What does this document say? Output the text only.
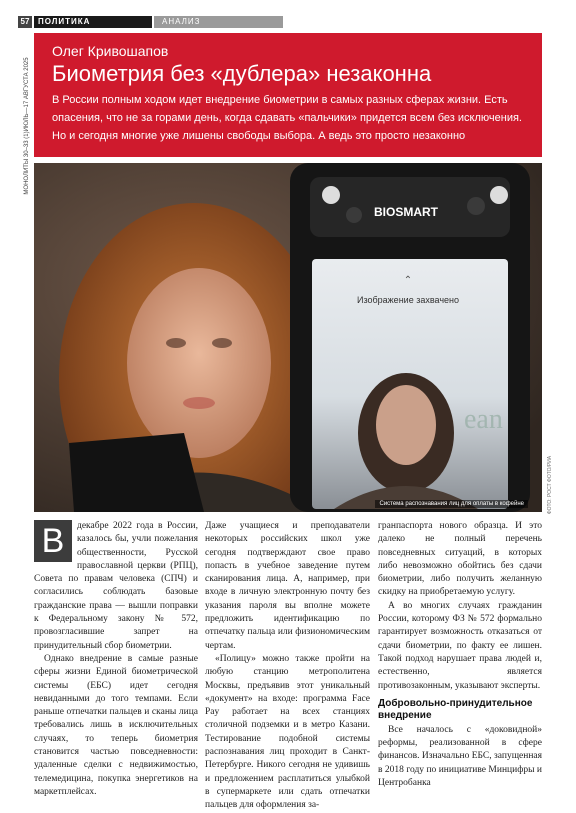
57	ПОЛИТИКА	АНАЛИЗ
МОНОЛИТЫ 30–33 (1)ИЮЛЬ—17 АВГУСТА 2025

Олег Кривошапов

Биометрия без «дублера» незаконна

В России полным ходом идет внедрение биометрии в самых разных сферах жизни. Есть опасения, что не за горами день, когда сдавать «пальчики» придется всем без исключения. Но и сегодня многие уже лишены свободы выбора. А ведь это просто незаконно

BIOSMART
⌃
Изображение захвачено
ean
Система распознавания лиц для оплаты в кофейне	ФОТО: РОСТ ФОТО/РИА
В	декабре 2022 года в России, казалось бы, учли пожелания общественности, Русской православной церкви (РПЦ), Совета по правам человека (СПЧ) и согласились соблюдать базовые гражданские права — вышли поправки к Федеральному закону № 572, провозгласившие запрет на принудительный сбор биометрии.

Однако внедрение в самые разные сферы жизни Единой биометрической системы (ЕБС) идет сегодня невиданными до того темпами. Если раньше отпечатки пальцев и сканы лица требовались лишь в исключительных случаях, то теперь биометрия становится частью повседневности: удаленные сделки с недвижимостью, телемедицина, покупка энергетиков на маркетплейсах.

Даже учащиеся и преподаватели некоторых российских школ уже сегодня подтверждают свое право попасть в учебное заведение путем сканирования лица. А, например, при входе в личную электронную почту без указания пароля вы вполне можете предложить идентификацию по отпечатку пальца или физиономическим чертам.

«Полицу» можно также пройти на любую станцию метрополитена Москвы, предъявив этот уникальный «документ» на входе: программа Face Pay работает на всех станциях столичной подземки и в метро Казани. Тестирование подобной системы распознавания лиц проходит в Санкт-Петербурге. Никого сегодня не удивишь и предложением расплатиться улыбкой в супермаркете или сдать отпечатки пальцев для оформления за-

гранпаспорта нового образца. И это далеко не полный перечень повседневных ситуаций, в которых либо невозможно обойтись без сдачи биометрии, либо получить желанную скидку на приобретаемую услугу.

А во многих случаях гражданин России, которому ФЗ № 572 формально гарантирует возможность отказаться от сдачи биометрии, по факту ее лишен. Такой подход нарушает права людей и, естественно, является противозаконным, указывают эксперты.

Добровольно-принудительное внедрение

Все началось с «доковидной» реформы, реализованной в сфере финансов. Изначально ЕБС, запущенная в 2018 году по инициативе Минцифры и Центробанка
